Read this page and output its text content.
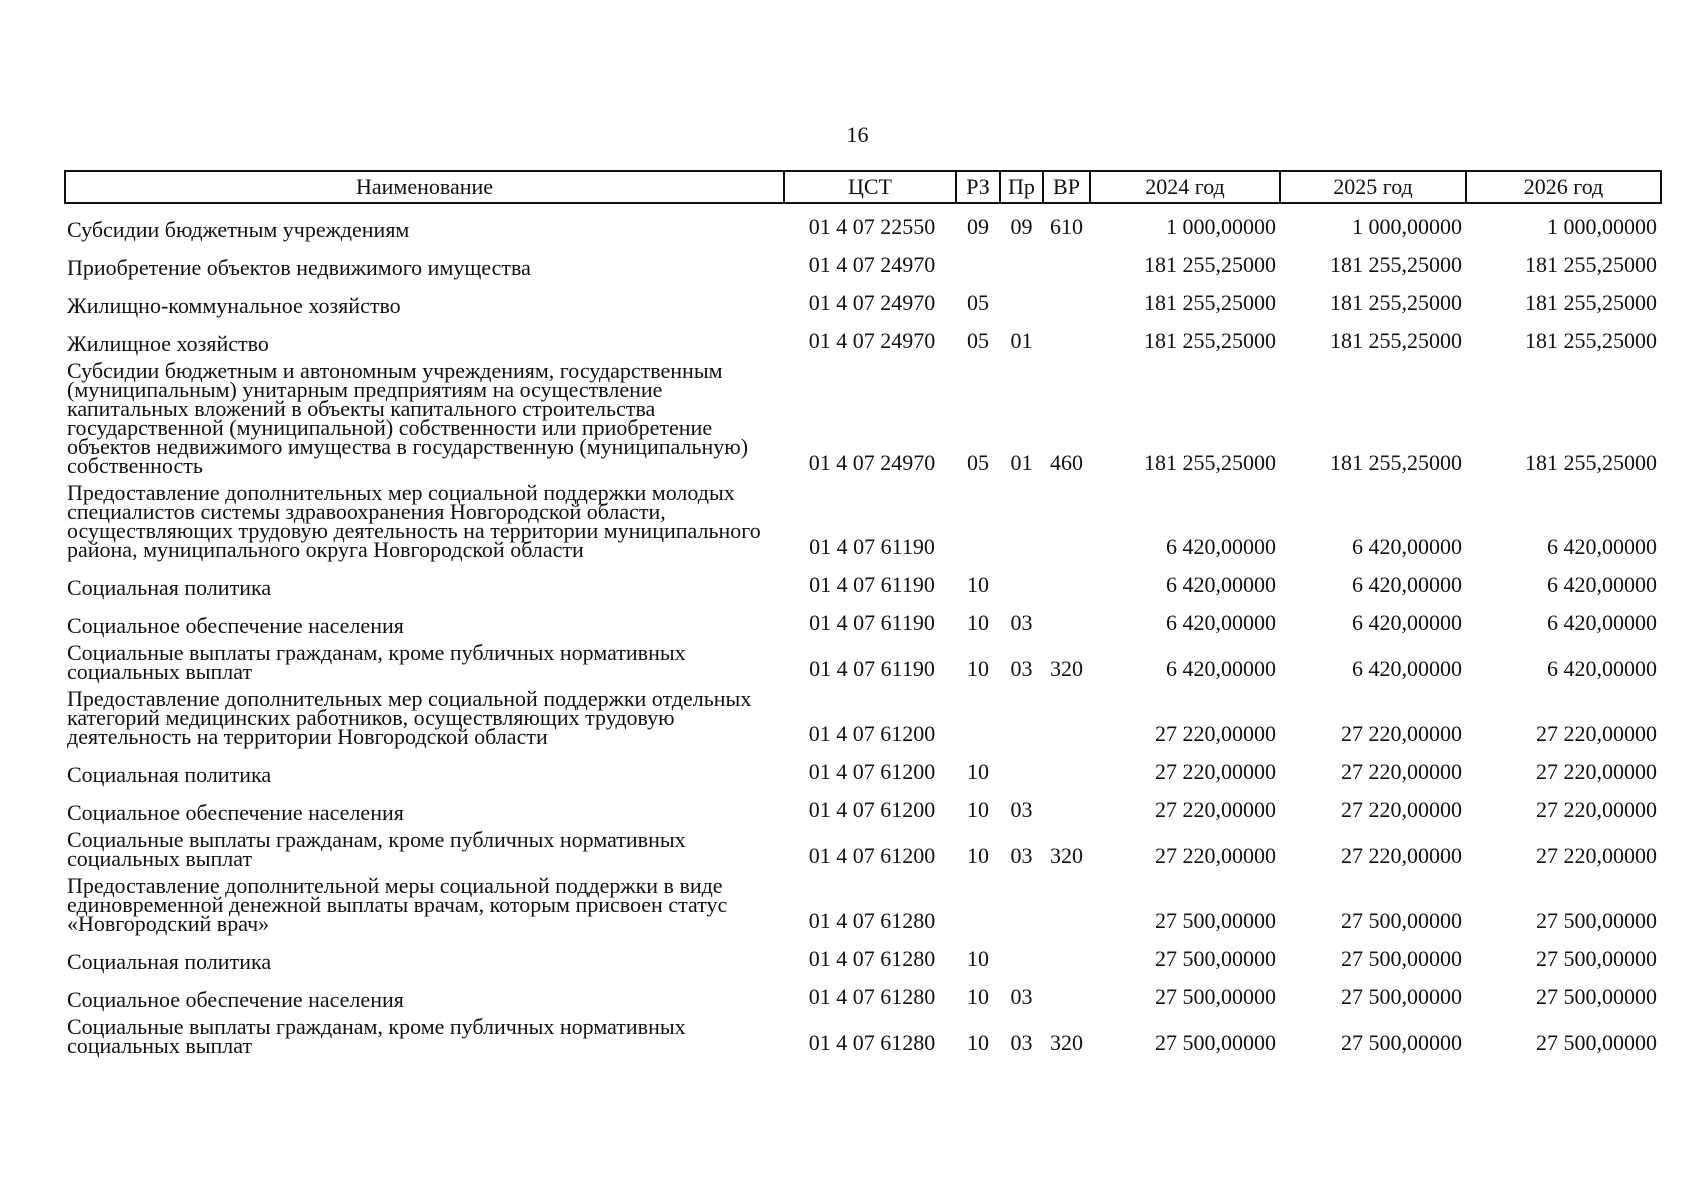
16
Наименование	ЦСТ	РЗ	Пр	ВР	2024 год	2025 год	2026 год
Субсидии бюджетным учреждениям	01 4 07 22550	09	09	610	1 000,00000	1 000,00000	1 000,00000
Приобретение объектов недвижимого имущества	01 4 07 24970				181 255,25000	181 255,25000	181 255,25000
Жилищно-коммунальное хозяйство	01 4 07 24970	05			181 255,25000	181 255,25000	181 255,25000
Жилищное хозяйство	01 4 07 24970	05	01		181 255,25000	181 255,25000	181 255,25000
Субсидии бюджетным и автономным учреждениям, государственным (муниципальным) унитарным предприятиям на осуществление капитальных вложений в объекты капитального строительства государственной (муниципальной) собственности или приобретение объектов недвижимого имущества в государственную (муниципальную) собственность	01 4 07 24970	05	01	460	181 255,25000	181 255,25000	181 255,25000
Предоставление дополнительных мер социальной поддержки молодых специалистов системы здравоохранения Новгородской области, осуществляющих трудовую деятельность на территории муниципального района, муниципального округа Новгородской области	01 4 07 61190				6 420,00000	6 420,00000	6 420,00000
Социальная политика	01 4 07 61190	10			6 420,00000	6 420,00000	6 420,00000
Социальное обеспечение населения	01 4 07 61190	10	03		6 420,00000	6 420,00000	6 420,00000
Социальные выплаты гражданам, кроме публичных нормативных социальных выплат	01 4 07 61190	10	03	320	6 420,00000	6 420,00000	6 420,00000
Предоставление дополнительных мер социальной поддержки отдельных категорий медицинских работников, осуществляющих трудовую деятельность на территории Новгородской области	01 4 07 61200				27 220,00000	27 220,00000	27 220,00000
Социальная политика	01 4 07 61200	10			27 220,00000	27 220,00000	27 220,00000
Социальное обеспечение населения	01 4 07 61200	10	03		27 220,00000	27 220,00000	27 220,00000
Социальные выплаты гражданам, кроме публичных нормативных социальных выплат	01 4 07 61200	10	03	320	27 220,00000	27 220,00000	27 220,00000
Предоставление дополнительной меры социальной поддержки в виде единовременной денежной выплаты врачам, которым присвоен статус «Новгородский врач»	01 4 07 61280				27 500,00000	27 500,00000	27 500,00000
Социальная политика	01 4 07 61280	10			27 500,00000	27 500,00000	27 500,00000
Социальное обеспечение населения	01 4 07 61280	10	03		27 500,00000	27 500,00000	27 500,00000
Социальные выплаты гражданам, кроме публичных нормативных социальных выплат	01 4 07 61280	10	03	320	27 500,00000	27 500,00000	27 500,00000
